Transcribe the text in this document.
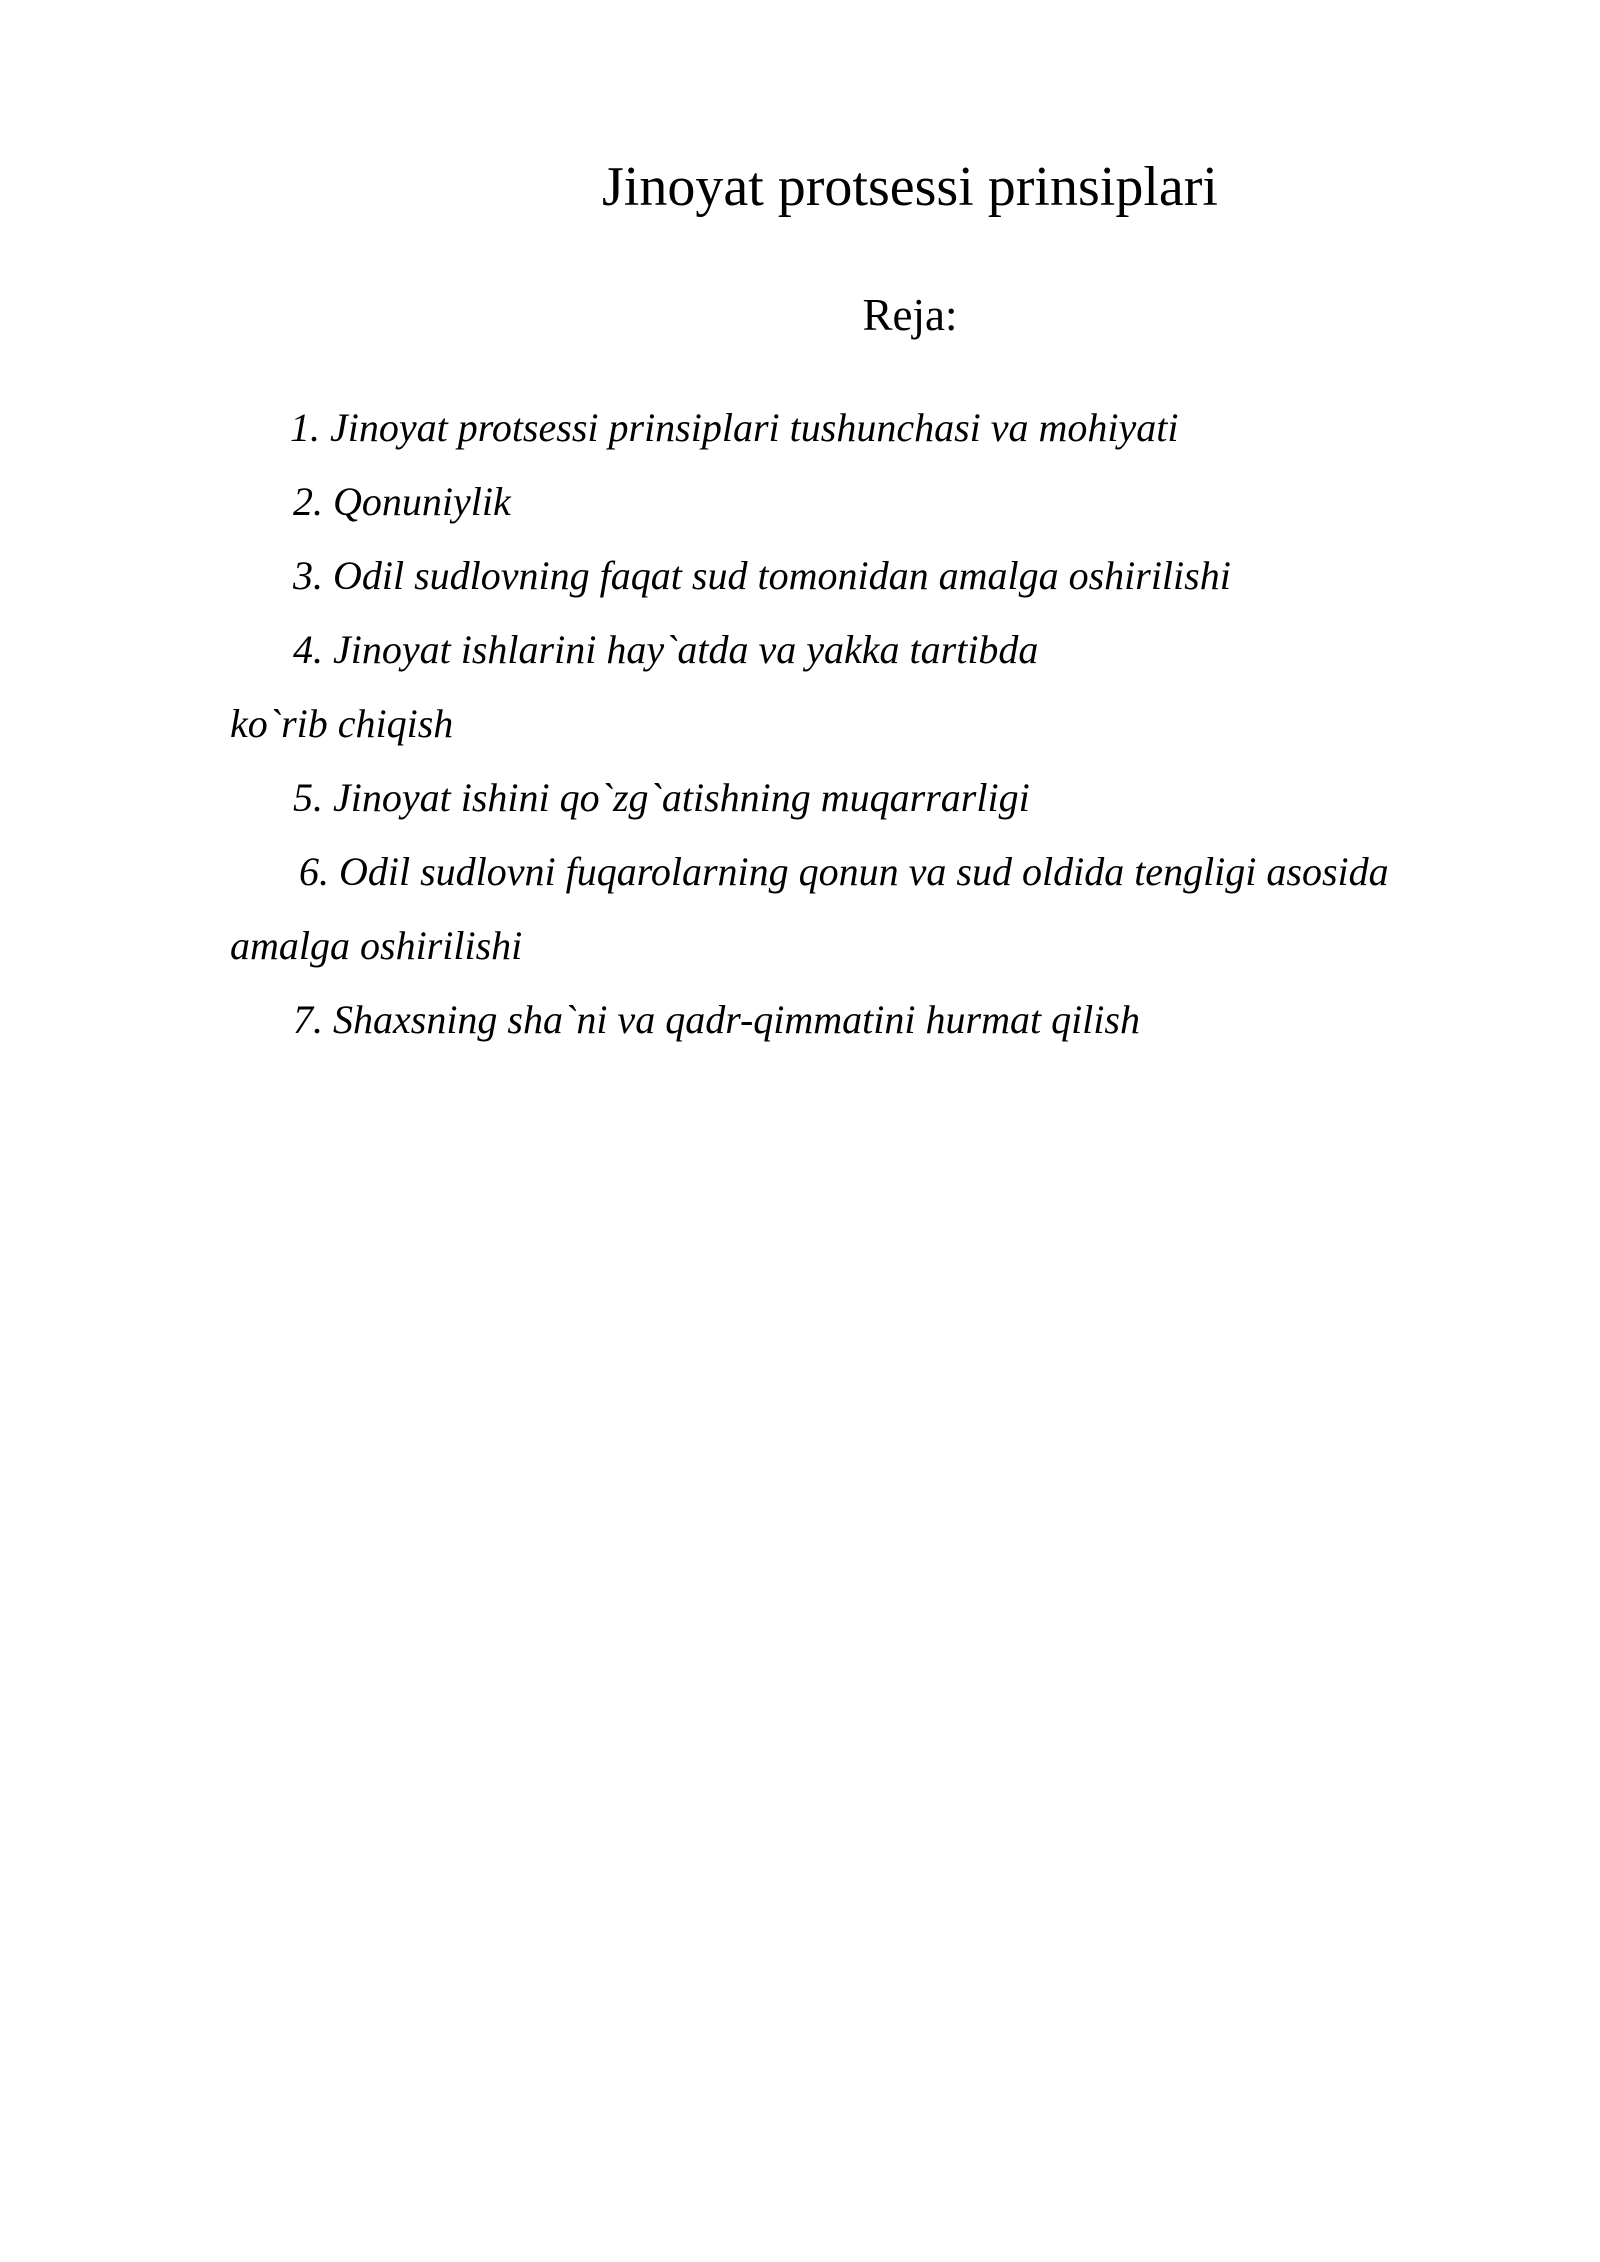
Jinoyat protsessi prinsiplari
Reja:
1. Jinoyat protsessi prinsiplari tushunchasi va mohiyati
2. Qonuniylik
3. Odil sudlovning faqat sud tomonidan amalga oshirilishi
4. Jinoyat ishlarini hay`atda va yakka tartibda
ko`rib chiqish
5. Jinoyat ishini qo`zg`atishning muqarrarligi
6. Odil sudlovni fuqarolarning qonun va sud oldida tengligi asosida
amalga oshirilishi
7. Shaxsning sha`ni va qadr-qimmatini hurmat qilish
